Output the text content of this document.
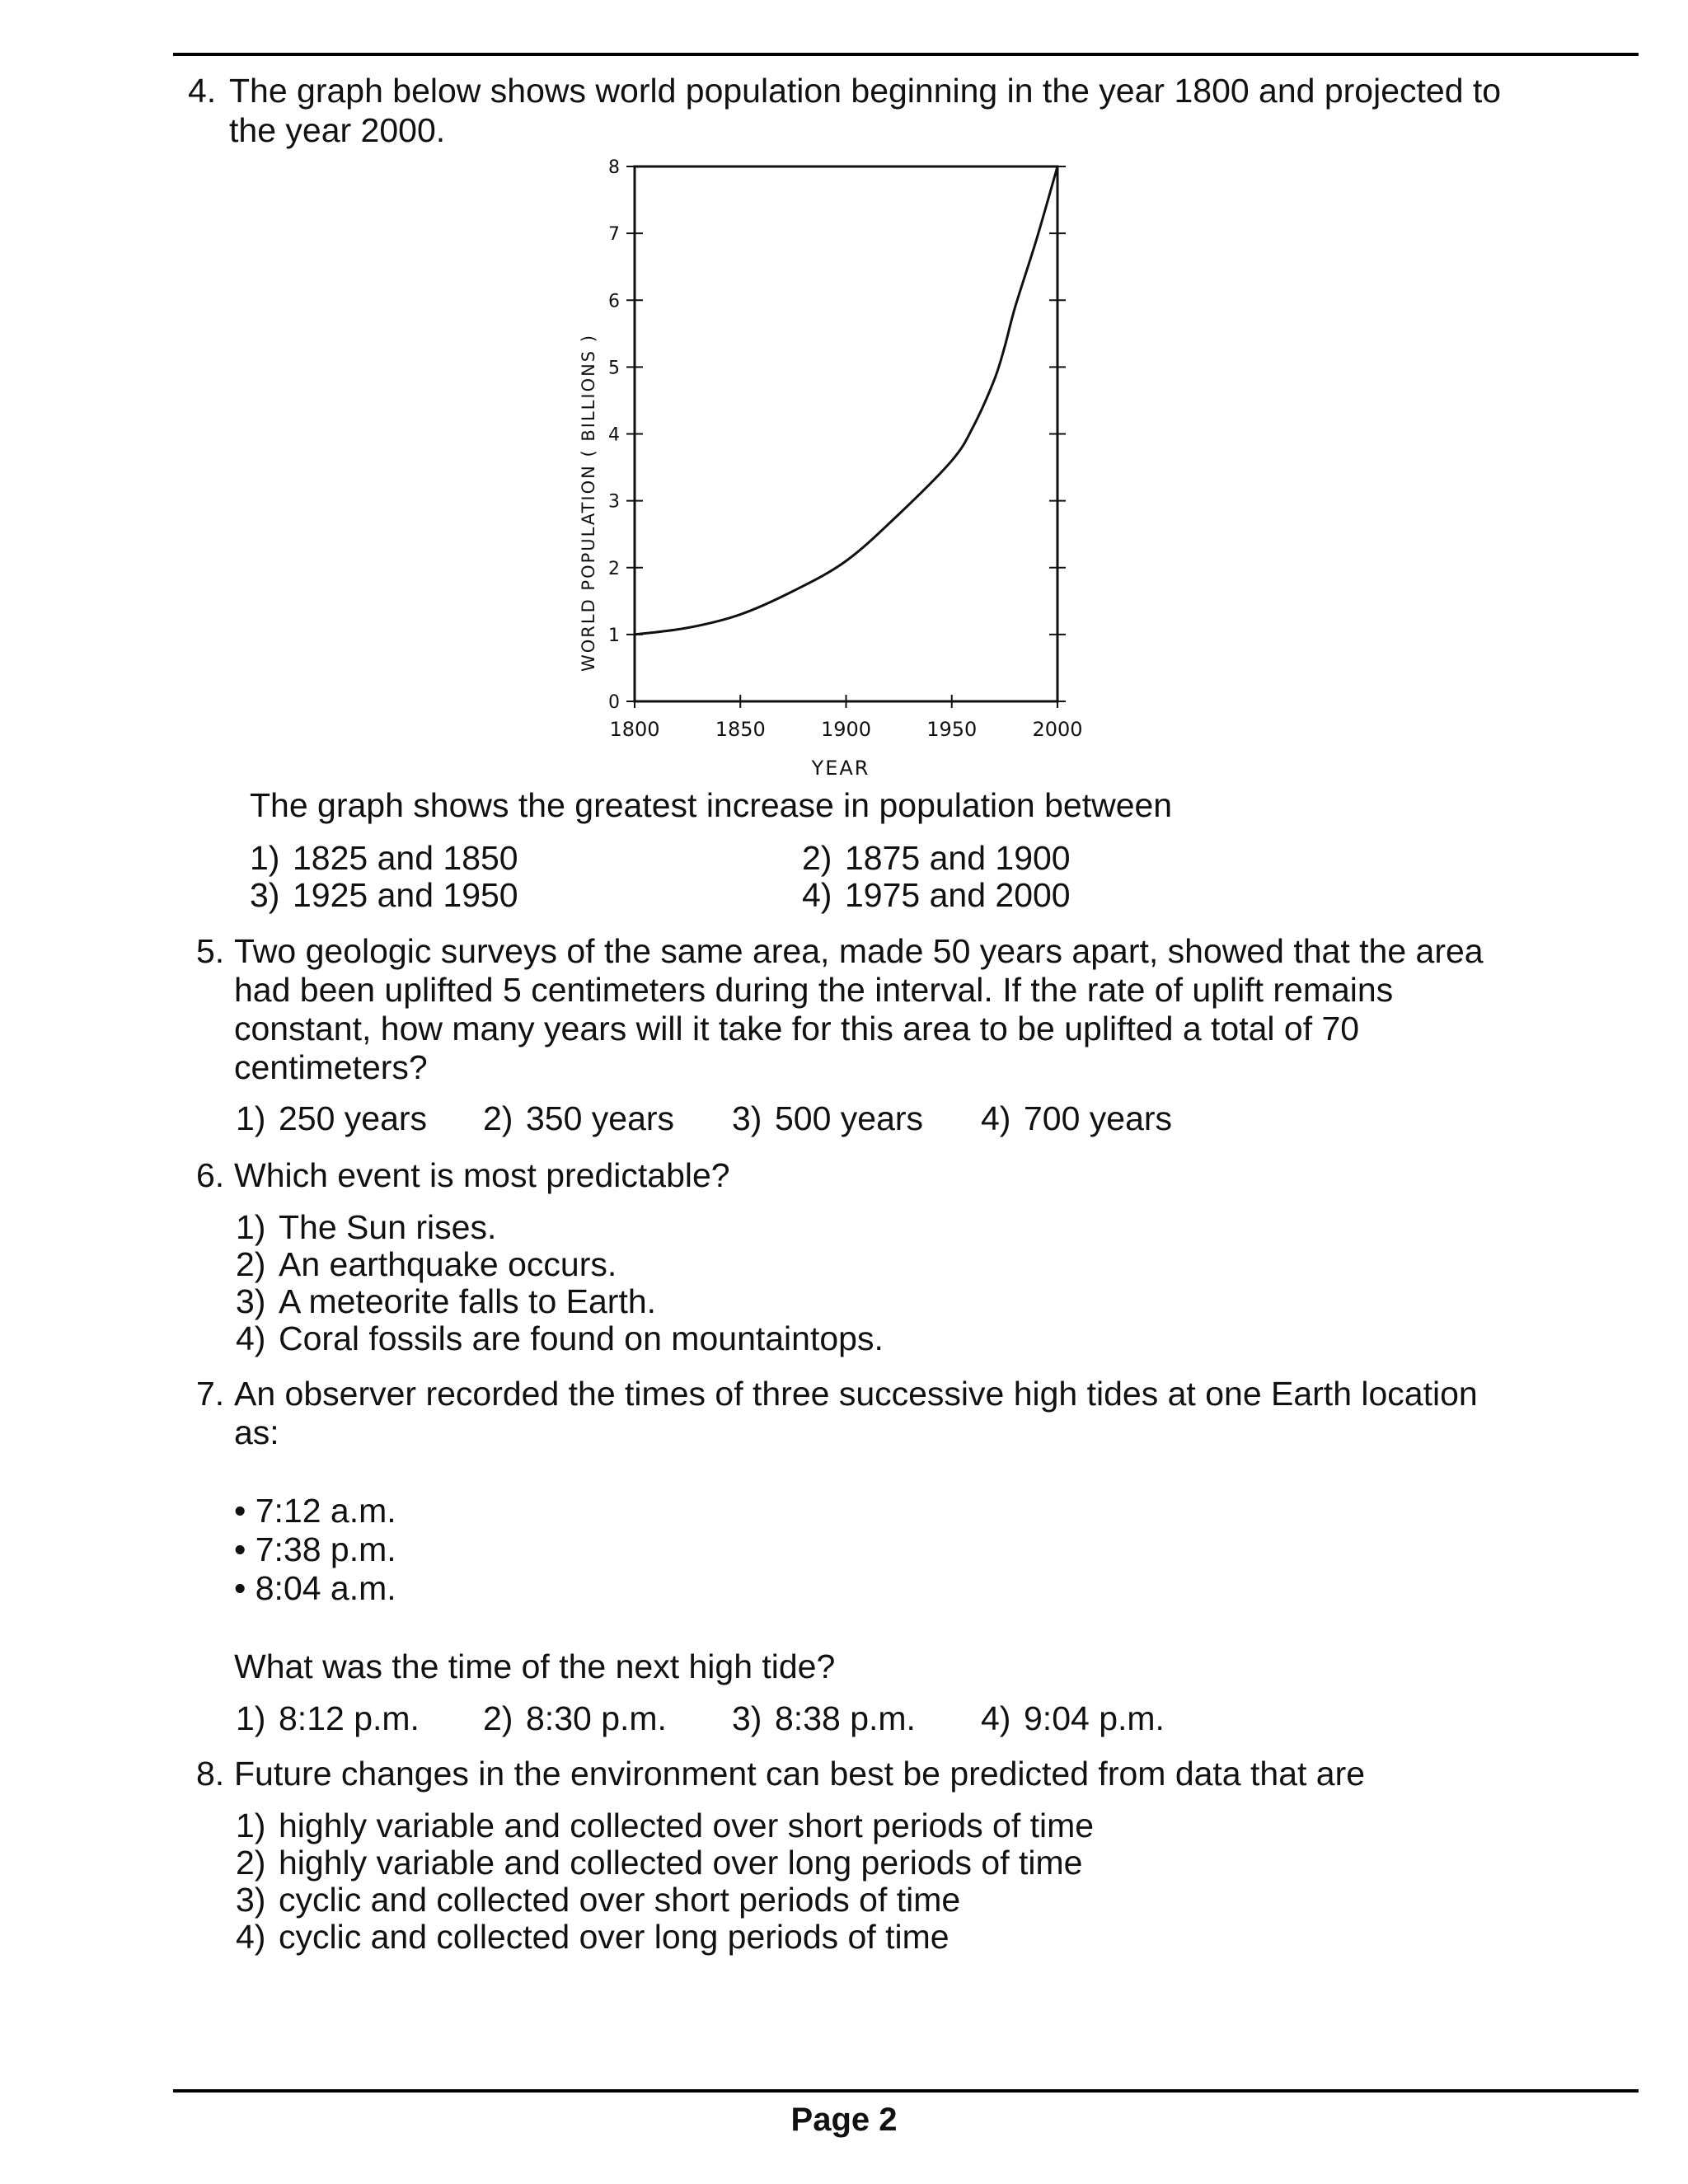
4. The graph below shows world population beginning in the year 1800 and projected to

the year 2000.

0
1
2
3
4
5
6
7
8
1800	1850	1900	1950	2000
WORLD POPULATION ( BILLIONS )
YEAR

The graph shows the greatest increase in population between

1) 1825 and 1850	2) 1875 and 1900
3) 1925 and 1950	4) 1975 and 2000
5. Two geologic surveys of the same area, made 50 years apart, showed that the area

had been uplifted 5 centimeters during the interval. If the rate of uplift remains

constant, how many years will it take for this area to be uplifted a total of 70

centimeters?

1) 250 years 2) 350 years 3) 500 years 4) 700 years
6. Which event is most predictable?

1) The Sun rises.
2) An earthquake occurs.
3) A meteorite falls to Earth.
4) Coral fossils are found on mountaintops.
7. An observer recorded the times of three successive high tides at one Earth location

as:

• 7:12 a.m.

• 7:38 p.m.

• 8:04 a.m.

What was the time of the next high tide?

1) 8:12 p.m. 2) 8:30 p.m. 3) 8:38 p.m. 4) 9:04 p.m.
8. Future changes in the environment can best be predicted from data that are

1) highly variable and collected over short periods of time
2) highly variable and collected over long periods of time
3) cyclic and collected over short periods of time
4) cyclic and collected over long periods of time
Page 2
